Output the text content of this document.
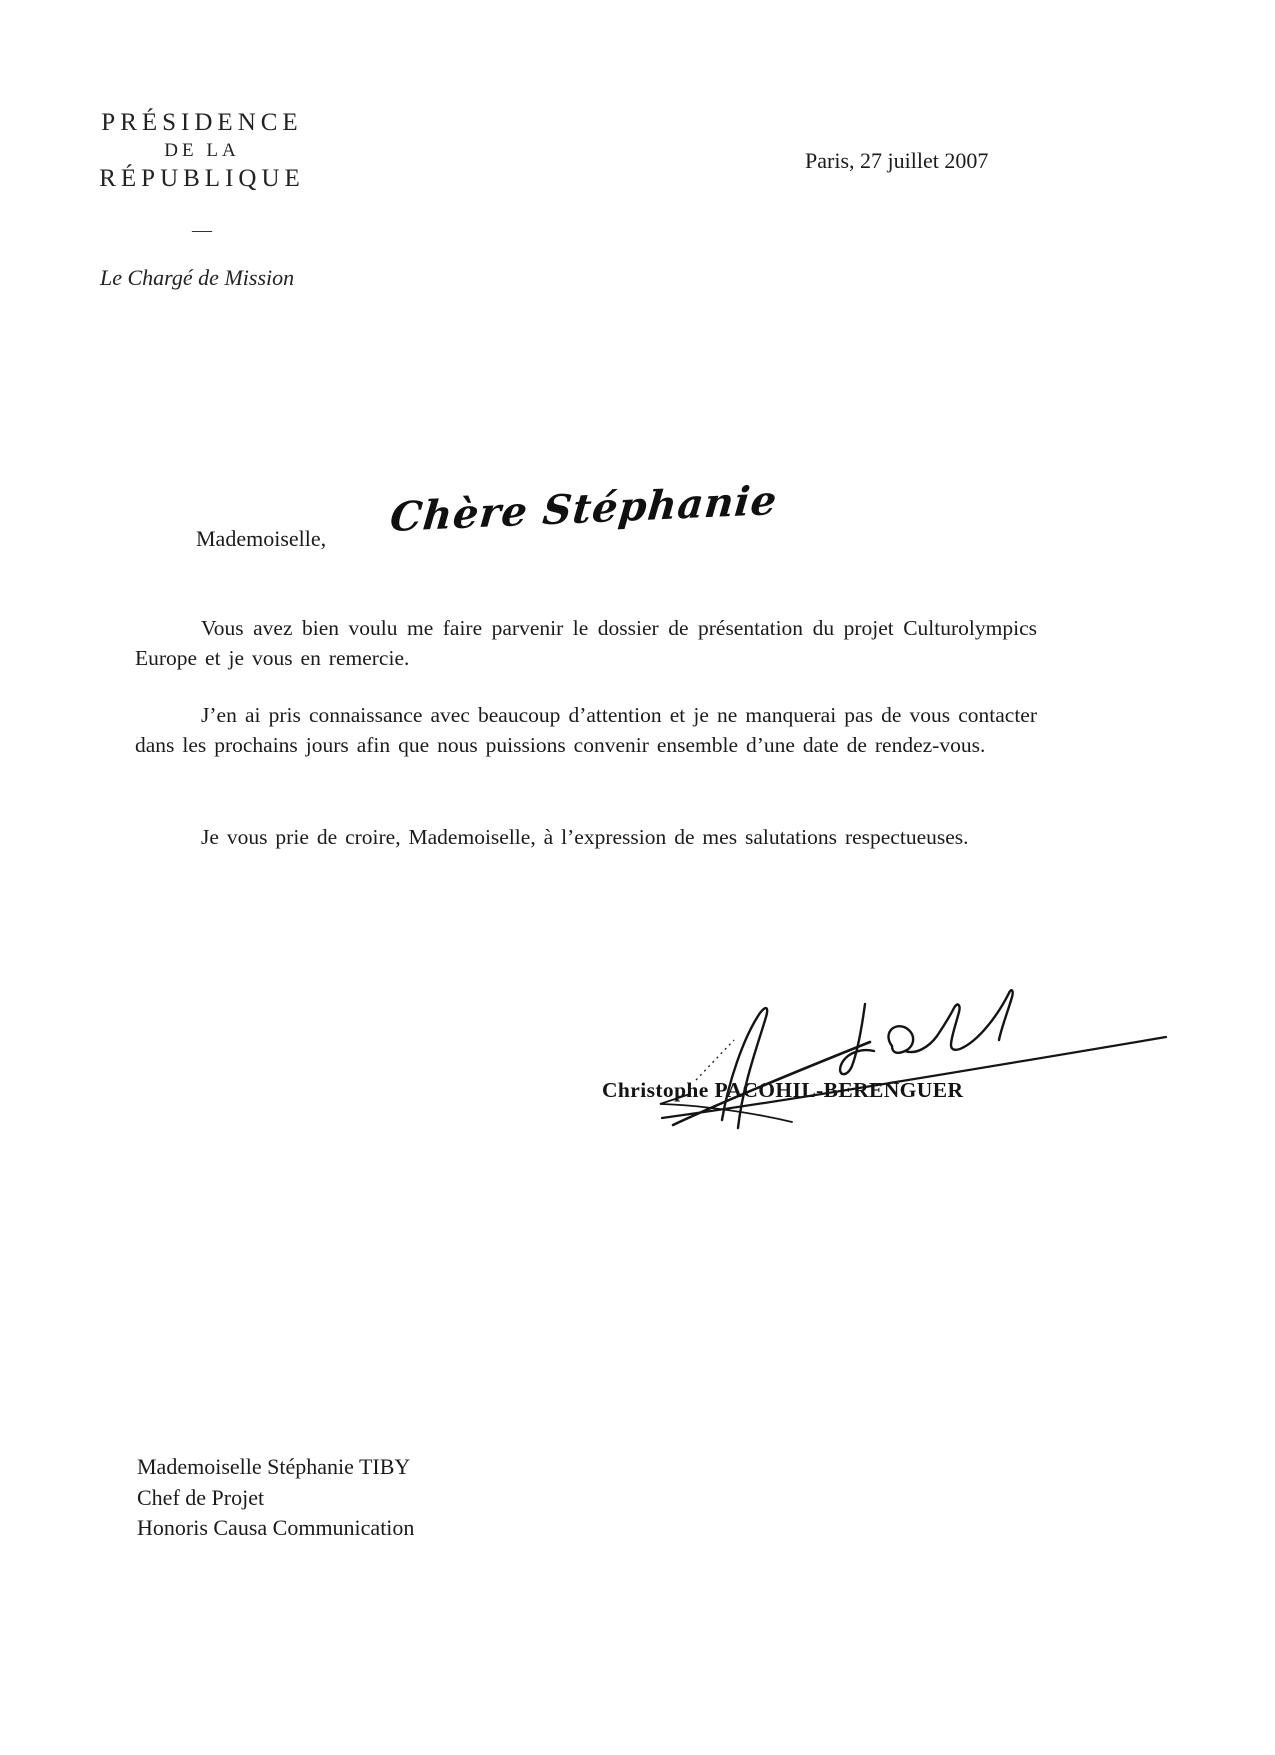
PRÉSIDENCE
DE LA
RÉPUBLIQUE
—
Paris, 27 juillet 2007
Le Chargé de Mission
Mademoiselle, Chère Stéphanie
Vous avez bien voulu me faire parvenir le dossier de présentation du projet Culturolympics Europe et je vous en remercie.
J’en ai pris connaissance avec beaucoup d’attention et je ne manquerai pas de vous contacter dans les prochains jours afin que nous puissions convenir ensemble d’une date de rendez-vous.
Je vous prie de croire, Mademoiselle, à l’expression de mes salutations respectueuses.
Christophe PACOHIL-BERENGUER
Mademoiselle Stéphanie TIBY
Chef de Projet
Honoris Causa Communication
